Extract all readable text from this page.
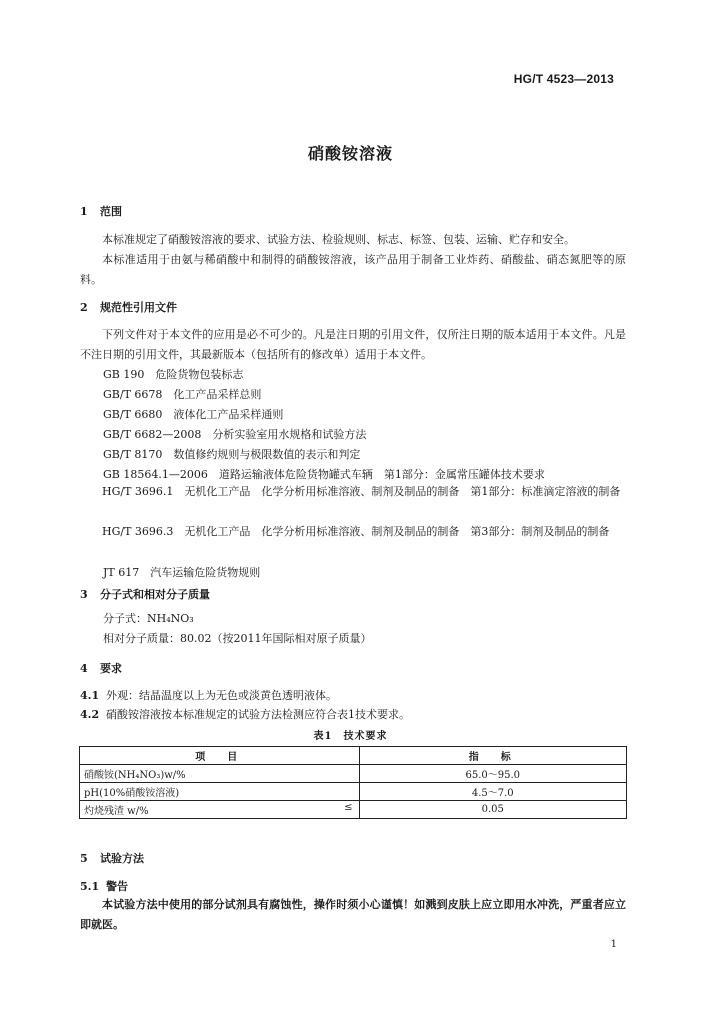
HG/T 4523—2013
硝酸铵溶液
1 范围
本标准规定了硝酸铵溶液的要求、试验方法、检验规则、标志、标签、包装、运输、贮存和安全。
本标准适用于由氨与稀硝酸中和制得的硝酸铵溶液，该产品用于制备工业炸药、硝酸盐、硝态氮肥等的原料。
2 规范性引用文件
下列文件对于本文件的应用是必不可少的。凡是注日期的引用文件，仅所注日期的版本适用于本文件。凡是不注日期的引用文件，其最新版本（包括所有的修改单）适用于本文件。
GB 190　危险货物包装标志
GB/T 6678　化工产品采样总则
GB/T 6680　液体化工产品采样通则
GB/T 6682—2008　分析实验室用水规格和试验方法
GB/T 8170　数值修约规则与极限数值的表示和判定
GB 18564.1—2006　道路运输液体危险货物罐式车辆　第1部分：金属常压罐体技术要求
HG/T 3696.1　无机化工产品　化学分析用标准溶液、制剂及制品的制备　第1部分：标准滴定溶液的制备
HG/T 3696.3　无机化工产品　化学分析用标准溶液、制剂及制品的制备　第3部分：制剂及制品的制备
JT 617　汽车运输危险货物规则
3 分子式和相对分子质量
分子式：NH₄NO₃
相对分子质量：80.02（按2011年国际相对原子质量）
4 要求
4.1 外观：结晶温度以上为无色或淡黄色透明液体。
4.2 硝酸铵溶液按本标准规定的试验方法检测应符合表1技术要求。
表1　技术要求
项　目	指　标
硝酸铵(NH₄NO₃)w/%	65.0～95.0
pH(10%硝酸铵溶液)	4.5～7.0
灼烧残渣 w/% ≤	0.05
5 试验方法
5.1 警告
本试验方法中使用的部分试剂具有腐蚀性，操作时须小心谨慎！如溅到皮肤上应立即用水冲洗，严重者应立即就医。
1
